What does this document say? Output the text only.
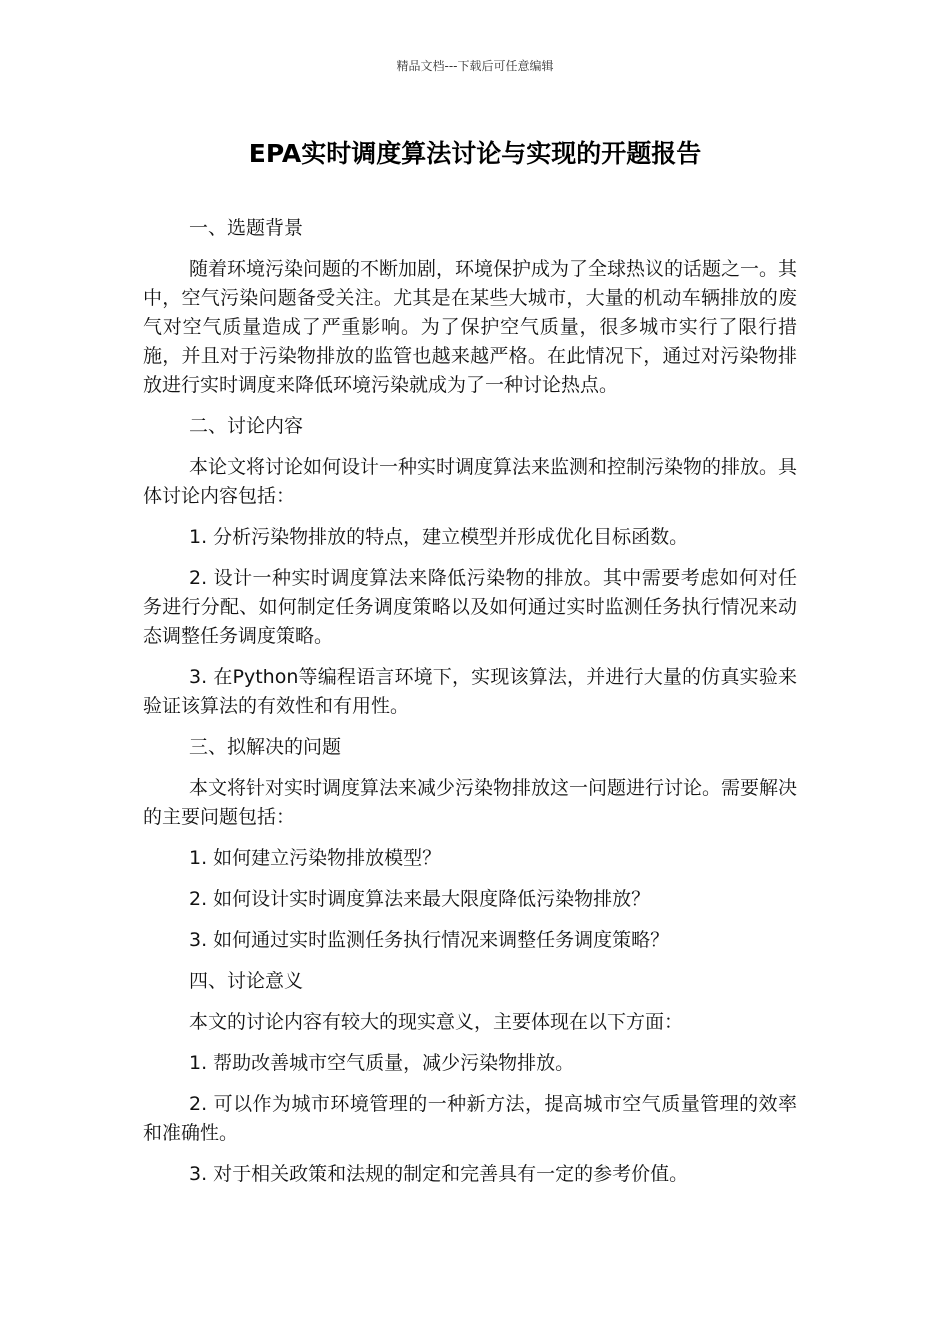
精品文档---下载后可任意编辑
EPA实时调度算法讨论与实现的开题报告

一、选题背景

随着环境污染问题的不断加剧，环境保护成为了全球热议的话题之一。其中，空气污染问题备受关注。尤其是在某些大城市，大量的机动车辆排放的废气对空气质量造成了严重影响。为了保护空气质量，很多城市实行了限行措施，并且对于污染物排放的监管也越来越严格。在此情况下，通过对污染物排放进行实时调度来降低环境污染就成为了一种讨论热点。

二、讨论内容

本论文将讨论如何设计一种实时调度算法来监测和控制污染物的排放。具体讨论内容包括：

1. 分析污染物排放的特点，建立模型并形成优化目标函数。

2. 设计一种实时调度算法来降低污染物的排放。其中需要考虑如何对任务进行分配、如何制定任务调度策略以及如何通过实时监测任务执行情况来动态调整任务调度策略。

3. 在Python等编程语言环境下，实现该算法，并进行大量的仿真实验来验证该算法的有效性和有用性。

三、拟解决的问题

本文将针对实时调度算法来减少污染物排放这一问题进行讨论。需要解决的主要问题包括：

1. 如何建立污染物排放模型？

2. 如何设计实时调度算法来最大限度降低污染物排放？

3. 如何通过实时监测任务执行情况来调整任务调度策略？

四、讨论意义

本文的讨论内容有较大的现实意义，主要体现在以下方面：

1. 帮助改善城市空气质量，减少污染物排放。

2. 可以作为城市环境管理的一种新方法，提高城市空气质量管理的效率和准确性。

3. 对于相关政策和法规的制定和完善具有一定的参考价值。
